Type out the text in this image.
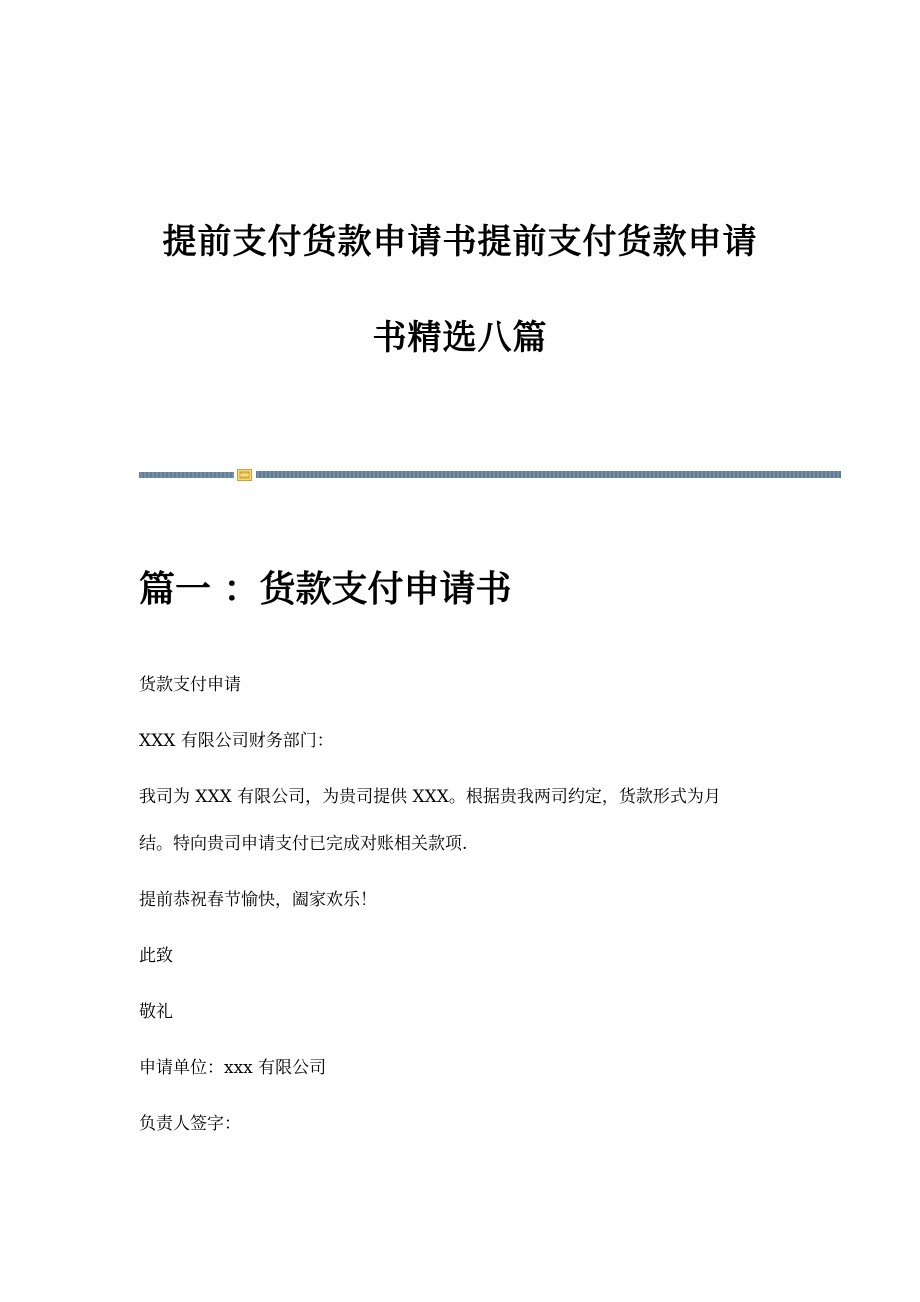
提前支付货款申请书提前支付货款申请
书精选八篇
篇一 ：货款支付申请书
货款支付申请
XXX 有限公司财务部门：
我司为 XXX 有限公司，为贵司提供 XXX。根据贵我两司约定，货款形式为月
结。特向贵司申请支付已完成对账相关款项.
提前恭祝春节愉快，阖家欢乐！
此致
敬礼
申请单位：xxx 有限公司
负责人签字：
